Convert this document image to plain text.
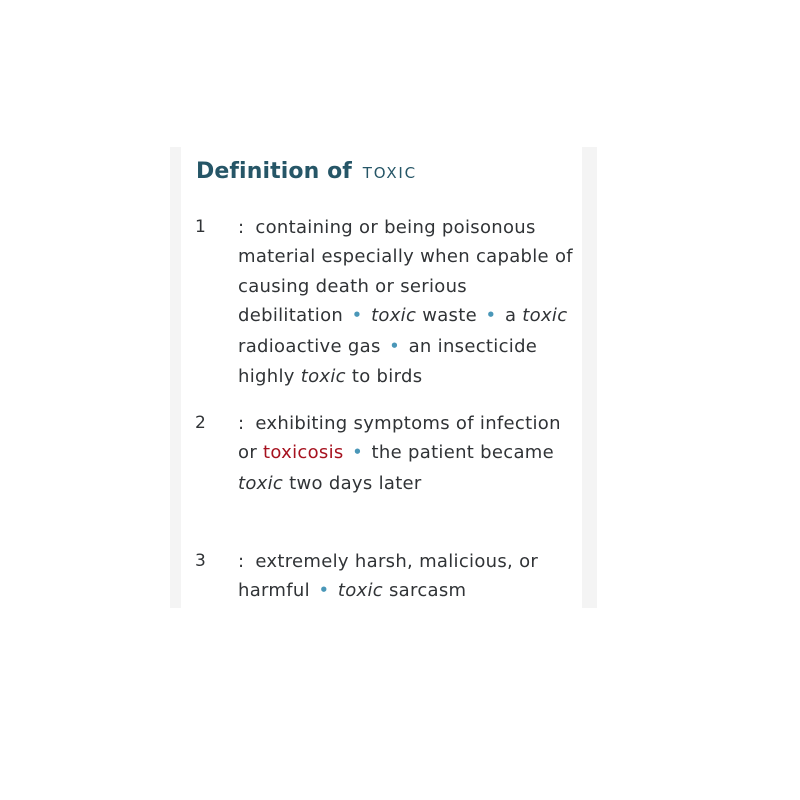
Definition of TOXIC
1 : containing or being poisonous material especially when capable of causing death or serious debilitation • toxic waste • a toxic radioactive gas • an insecticide highly toxic to birds
2 : exhibiting symptoms of infection or toxicosis • the patient became toxic two days later
3 : extremely harsh, malicious, or harmful • toxic sarcasm
